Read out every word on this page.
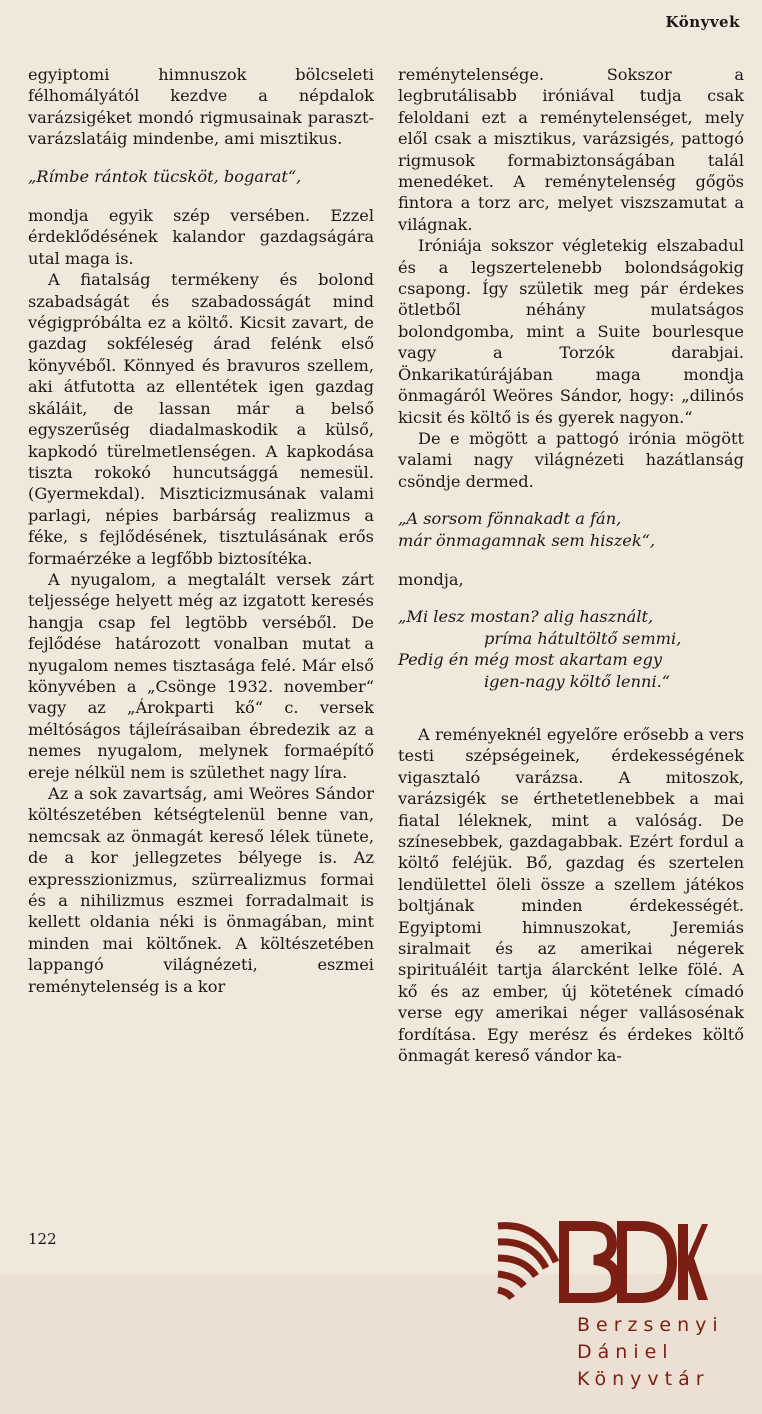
Könyvek

egyiptomi himnuszok bölcseleti félhomályától kezdve a népdalok varázsigéket mondó rigmusainak paraszt-varázslatáig mindenbe, ami misztikus.

„Rímbe rántok tücsköt, bogarat“,

mondja egyik szép versében. Ezzel érdeklődésének kalandor gazdagságára utal maga is.

A fiatalság termékeny és bolond szabadságát és szabadosságát mind végigpróbálta ez a költő. Kicsit zavart, de gazdag sokféleség árad felénk első könyvéből. Könnyed és bravuros szellem, aki átfutotta az ellentétek igen gazdag skáláit, de lassan már a belső egyszerűség diadalmaskodik a külső, kapkodó türelmetlenségen. A kapkodása tiszta rokokó huncutsággá nemesül. (Gyermekdal). Miszticizmusának valami parlagi, népies barbárság realizmus a féke, s fejlődésének, tisztulásának erős formaérzéke a legfőbb biztosítéka.

A nyugalom, a megtalált versek zárt teljessége helyett még az izgatott keresés hangja csap fel legtöbb verséből. De fejlődése határozott vonalban mutat a nyugalom nemes tisztasága felé. Már első könyvében a „Csönge 1932. november“ vagy az „Árokparti kő“ c. versek méltóságos tájleírásaiban ébredezik az a nemes nyugalom, melynek formaépítő ereje nélkül nem is születhet nagy líra.

Az a sok zavartság, ami Weöres Sándor költészetében kétségtelenül benne van, nemcsak az önmagát kereső lélek tünete, de a kor jellegzetes bélyege is. Az expresszionizmus, szürrealizmus formai és a nihilizmus eszmei forradalmait is kellett oldania néki is önmagában, mint minden mai költőnek. A költészetében lappangó világnézeti, eszmei reménytelenség is a kor

reménytelensége. Sokszor a legbrutálisabb iróniával tudja csak feloldani ezt a reménytelenséget, mely elől csak a misztikus, varázsigés, pattogó rigmusok formabiztonságában talál menedéket. A reménytelenség gőgös fintora a torz arc, melyet viszszamutat a világnak.

Iróniája sokszor végletekig elszabadul és a legszertelenebb bolondságokig csapong. Így születik meg pár érdekes ötletből néhány mulatságos bolondgomba, mint a Suite bourlesque vagy a Torzók darabjai. Önkarikatúrájában maga mondja önmagáról Weöres Sándor, hogy: „dilinós kicsit és költő is és gyerek nagyon.“

De e mögött a pattogó irónia mögött valami nagy világnézeti hazátlanság csöndje dermed.

„A sorsom fönnakadt a fán,
már önmagamnak sem hiszek“,

mondja,

„Mi lesz mostan? alig használt,
príma hátultöltő semmi,
Pedig én még most akartam egy
igen-nagy költő lenni.“

A reményeknél egyelőre erősebb a vers testi szépségeinek, érdekességének vigasztaló varázsa. A mitoszok, varázsigék se érthetetlenebbek a mai fiatal léleknek, mint a valóság. De színesebbek, gazdagabbak. Ezért fordul a költő feléjük. Bő, gazdag és szertelen lendülettel öleli össze a szellem játékos boltjának minden érdekességét. Egyiptomi himnuszokat, Jeremiás siralmait és az amerikai négerek spirituáléit tartja álarcként lelke fölé. A kő és az ember, új kötetének címadó verse egy amerikai néger vallásosénak fordítása. Egy merész és érdekes költő önmagát kereső vándor ka-

122
Berzsenyi
Dániel
Könyvtár
